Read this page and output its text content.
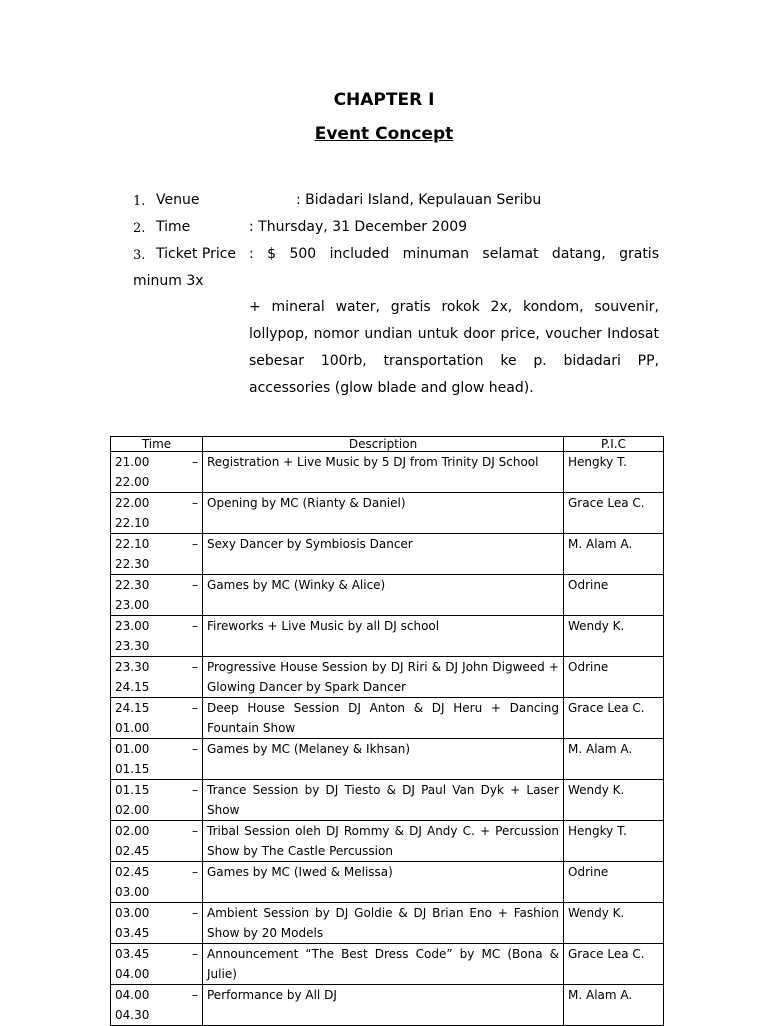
CHAPTER I
Event Concept
1. Venue	: Bidadari Island, Kepulauan Seribu
2. Time	: Thursday, 31 December 2009
3. Ticket Price : $ 500 included minuman selamat datang, gratis
minum 3x
+ mineral water, gratis rokok 2x, kondom, souvenir, lollypop, nomor undian untuk door price, voucher Indosat sebesar 100rb, transportation ke p. bidadari PP, accessories (glow blade and glow head).
Time	Description	P.I.C

21.00 –
22.00	Registration + Live Music by 5 DJ from Trinity DJ School	Hengky T.

22.00 –
22.10	Opening by MC (Rianty & Daniel)	Grace Lea C.

22.10 –
22.30	Sexy Dancer by Symbiosis Dancer	M. Alam A.

22.30 –
23.00	Games by MC (Winky & Alice)	Odrine

23.00 –
23.30	Fireworks + Live Music by all DJ school	Wendy K.

23.30 –
24.15	Progressive House Session by DJ Riri & DJ John Digweed + Glowing Dancer by Spark Dancer	Odrine

24.15 –
01.00	Deep House Session DJ Anton & DJ Heru + Dancing Fountain Show	Grace Lea C.

01.00 –
01.15	Games by MC (Melaney & Ikhsan)	M. Alam A.

01.15 –
02.00	Trance Session by DJ Tiesto & DJ Paul Van Dyk + Laser Show	Wendy K.

02.00 –
02.45	Tribal Session oleh DJ Rommy & DJ Andy C. + Percussion Show by The Castle Percussion	Hengky T.

02.45 –
03.00	Games by MC (Iwed & Melissa)	Odrine

03.00 –
03.45	Ambient Session by DJ Goldie & DJ Brian Eno + Fashion Show by 20 Models	Wendy K.

03.45 –
04.00	Announcement “The Best Dress Code” by MC (Bona & Julie)	Grace Lea C.

04.00 –
04.30	Performance by All DJ	M. Alam A.
